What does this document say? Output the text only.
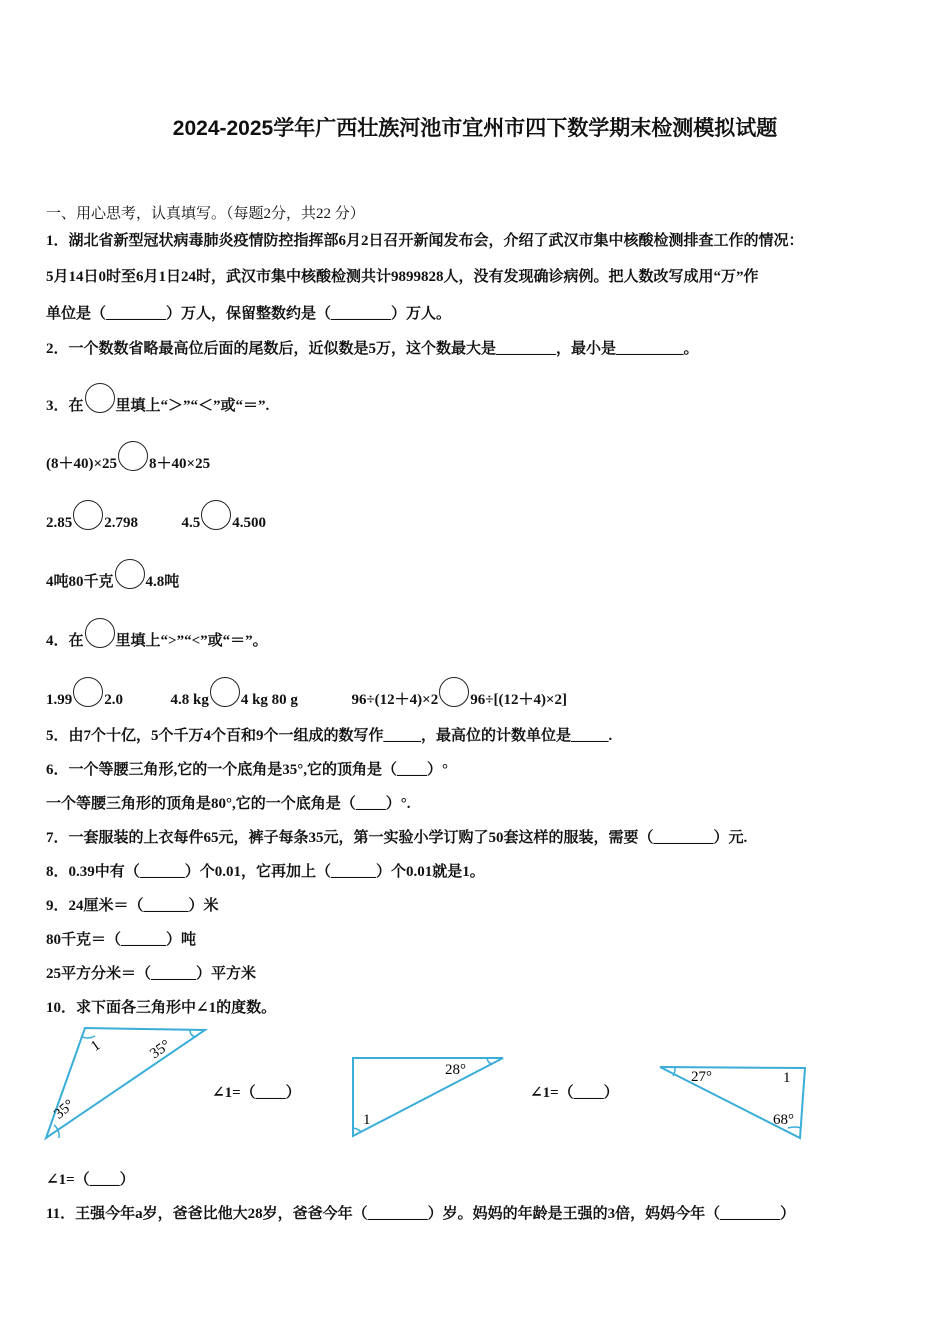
2024-2025学年广西壮族河池市宜州市四下数学期末检测模拟试题
一、用心思考，认真填写。（每题2分，共22 分）
1．湖北省新型冠状病毒肺炎疫情防控指挥部6月2日召开新闻发布会，介绍了武汉市集中核酸检测排查工作的情况：
5月14日0时至6月1日24时，武汉市集中核酸检测共计9899828人，没有发现确诊病例。把人数改写成用“万”作
单位是（________）万人，保留整数约是（________）万人。
2．一个数数省略最高位后面的尾数后，近似数是5万，这个数最大是________，最小是_________。
3．在 里填上“＞”“＜”或“＝”.
(8＋40)×25 8＋40×25
2.85 2.798	4.5 4.500
4吨80千克 4.8吨
4．在 里填上“>”“<”或“＝”。
1.99 2.0	4.8 kg 4 kg 80 g	96÷(12＋4)×2 96÷[(12＋4)×2]
5．由7个十亿，5个千万4个百和9个一组成的数写作_____，最高位的计数单位是_____.
6．一个等腰三角形,它的一个底角是35°,它的顶角是（____）°
一个等腰三角形的顶角是80°,它的一个底角是（____）°.
7．一套服装的上衣每件65元，裤子每条35元，第一实验小学订购了50套这样的服装，需要（________）元.
8．0.39中有（______）个0.01，它再加上（______）个0.01就是1。
9．24厘米＝（______）米
80千克＝（______）吨
25平方分米＝（______）平方米
10．求下面各三角形中∠1的度数。
1	35°
35°
∠1=（____）
28°
1
∠1=（____）
27°	1
68°
∠1=（____）
11．王强今年a岁，爸爸比他大28岁，爸爸今年（________）岁。妈妈的年龄是王强的3倍，妈妈今年（________）
